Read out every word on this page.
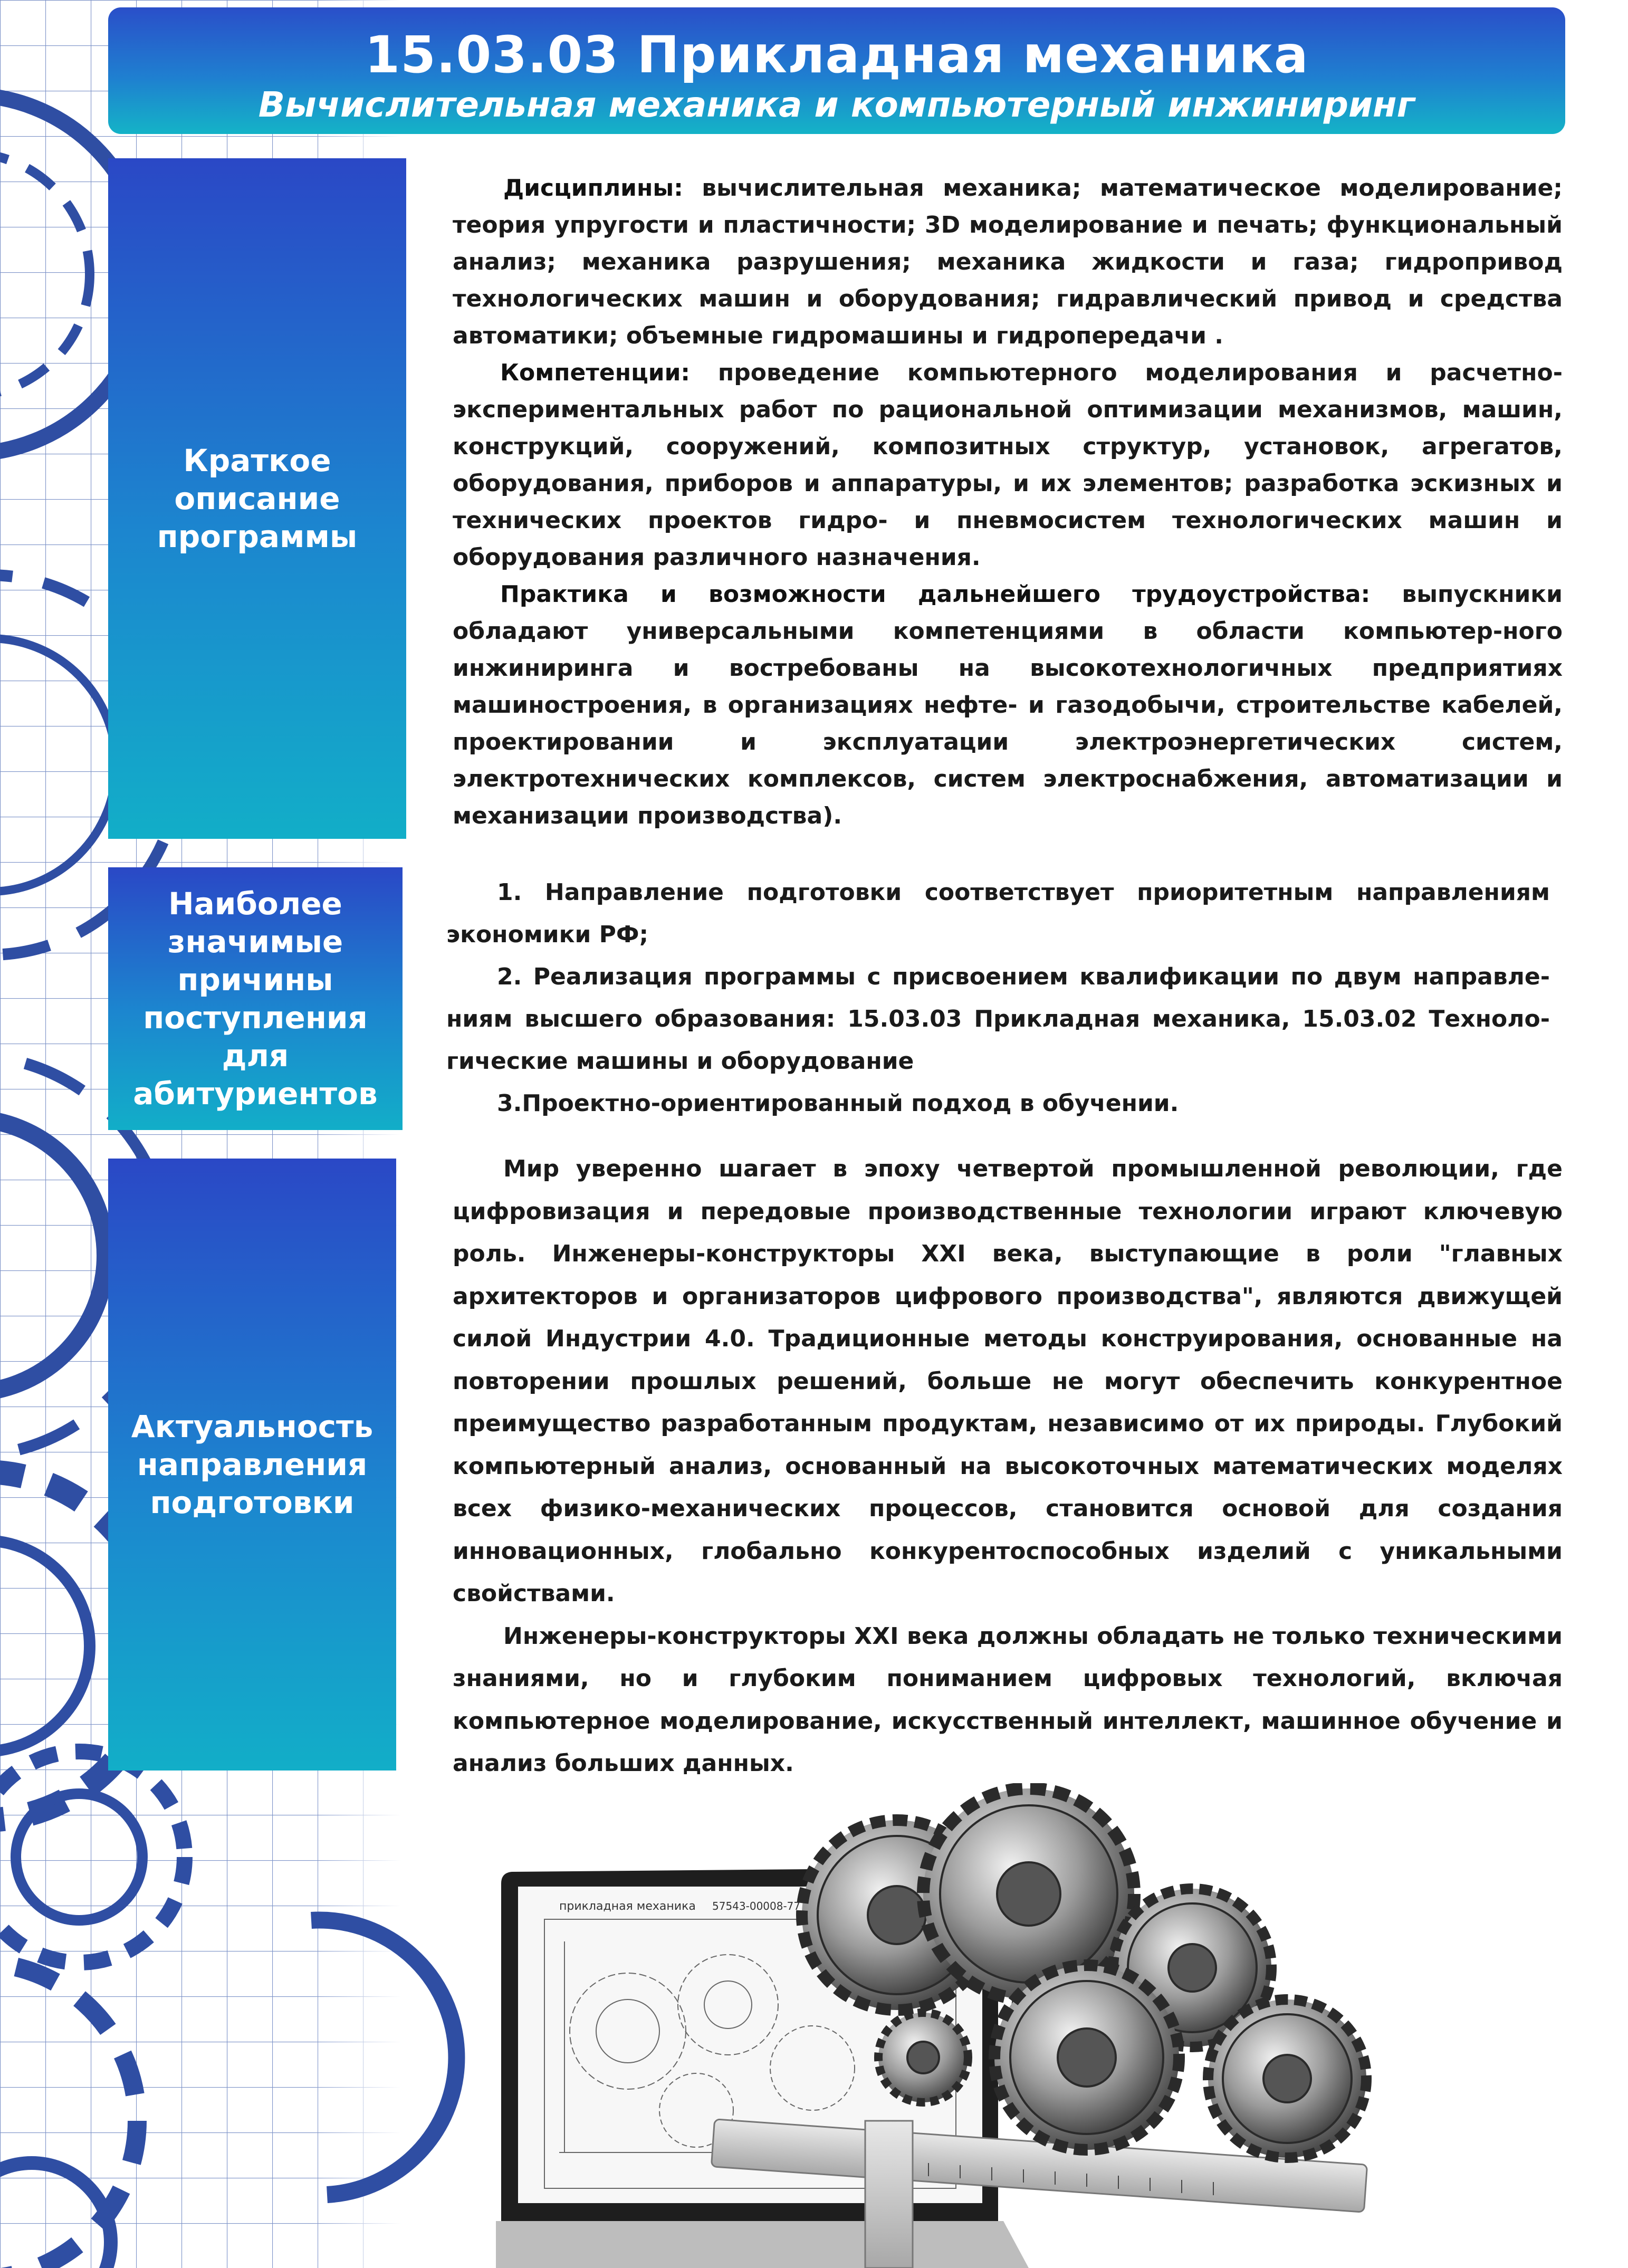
15.03.03 Прикладная механика
Вычислительная механика и компьютерный инжиниринг
Краткое описание программы
Наиболее значимые причины поступления для абитуриентов
Актуальность направления подготовки

Дисциплины: вычислительная механика; математическое моделирование; теория упругости и пластичности; 3D моделирование и печать; функциональный анализ; механика разрушения; механика жидкости и газа; гидропривод технологических машин и оборудования; гидравлический привод и средства автоматики; объемные гидромашины и гидропередачи .

Компетенции: проведение компьютерного моделирования и расчетно-экспериментальных работ по рациональной оптимизации механизмов, машин, конструкций, сооружений, композитных структур, установок, агрегатов, оборудования, приборов и аппаратуры, и их элементов; разработка эскизных и технических проектов гидро- и пневмосистем технологических машин и оборудования различного назначения.

Практика и возможности дальнейшего трудоустройства: выпускники обладают универсальными компетенциями в области компьютер-ного инжиниринга и востребованы на высокотехнологичных предприятиях машиностроения, в организациях нефте- и газодобычи, строительстве кабелей, проектировании и эксплуатации электроэнергетических систем, электротехнических комплексов, систем электроснабжения, автоматизации и механизации производства).

1. Направление подготовки соответствует приоритетным направлениям экономики РФ;

2. Реализация программы с присвоением квалификации по двум направле-ниям высшего образования: 15.03.03 Прикладная механика, 15.03.02 Техноло-гические машины и оборудование

3.Проектно-ориентированный подход в обучении.

Мир уверенно шагает в эпоху четвертой промышленной революции, где цифровизация и передовые производственные технологии играют ключевую роль. Инженеры-конструкторы XXI века, выступающие в роли "главных архитекторов и организаторов цифрового производства", являются движущей силой Индустрии 4.0. Традиционные методы конструирования, основанные на повторении прошлых решений, больше не могут обеспечить конкурентное преимущество разработанным продуктам, независимо от их природы. Глубокий компьютерный анализ, основанный на высокоточных математических моделях всех физико-механических процессов, становится основой для создания инновационных, глобально конкурентоспособных изделий с уникальными свойствами.

Инженеры-конструкторы XXI века должны обладать не только техническими знаниями, но и глубоким пониманием цифровых технологий, включая компьютерное моделирование, искусственный интеллект, машинное обучение и анализ больших данных.

прикладная механика 57543-00008-77
